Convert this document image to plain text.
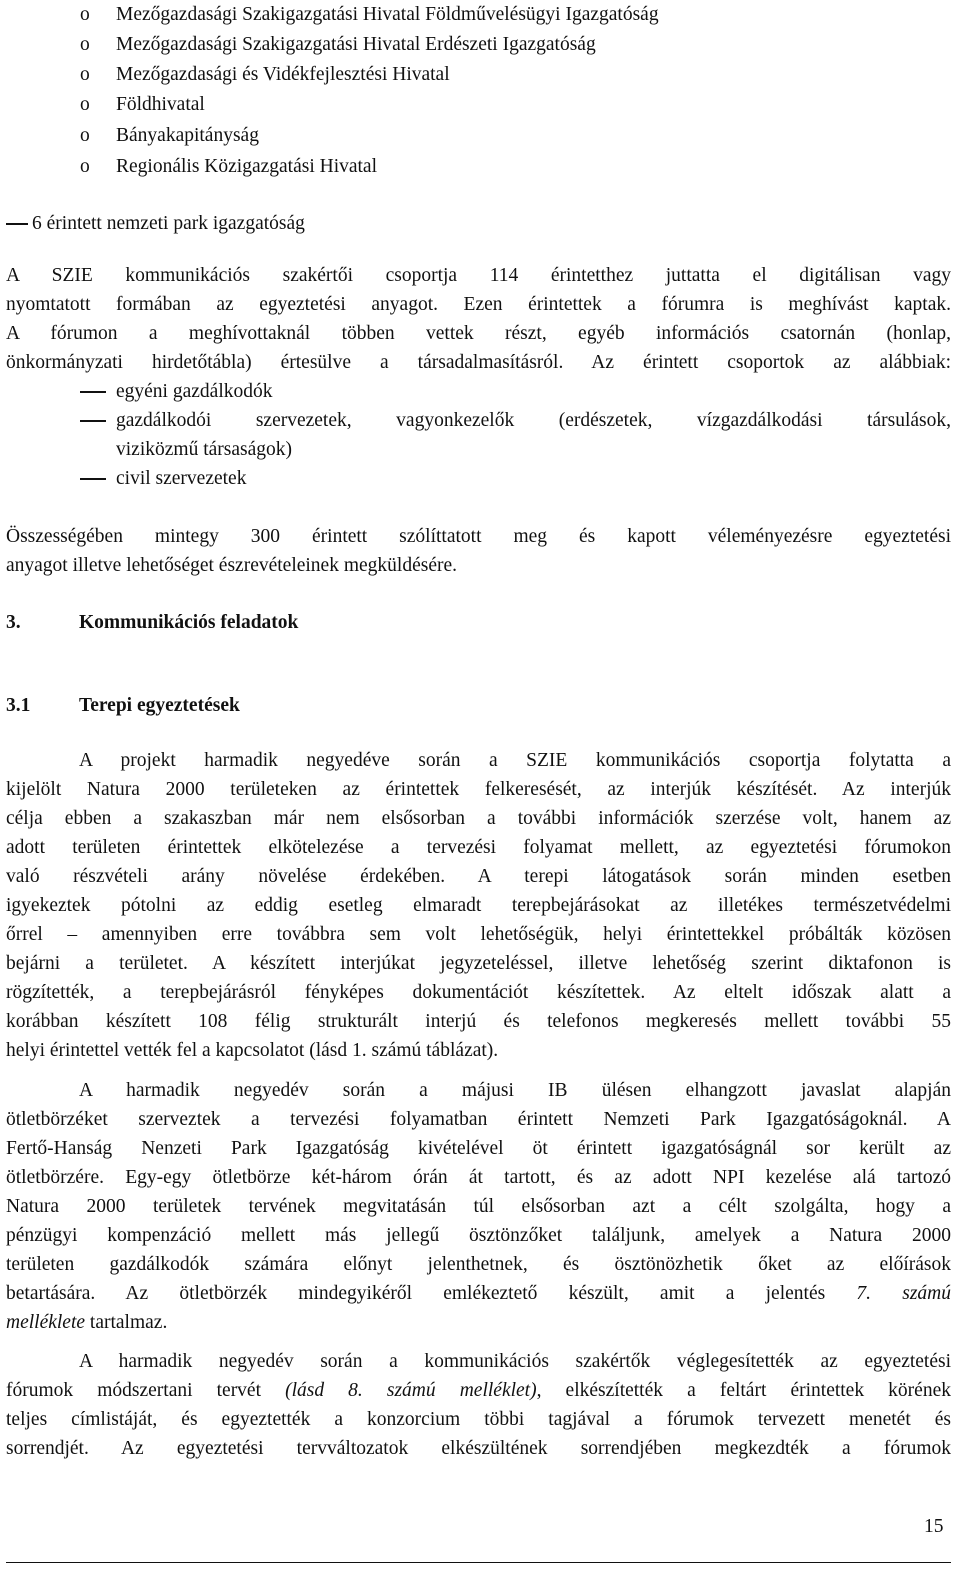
o Mezőgazdasági Szakigazgatási Hivatal Földművelésügyi Igazgatóság
o Mezőgazdasági Szakigazgatási Hivatal Erdészeti Igazgatóság
o Mezőgazdasági és Vidékfejlesztési Hivatal
o Földhivatal
o Bányakapitányság
o Regionális Közigazgatási Hivatal
6 érintett nemzeti park igazgatóság
A SZIE kommunikációs szakértői csoportja 114 érintetthez juttatta el digitálisan vagy
nyomtatott formában az egyeztetési anyagot. Ezen érintettek a fórumra is meghívást kaptak.
A fórumon a meghívottaknál többen vettek részt, egyéb információs csatornán (honlap,
önkormányzati hirdetőtábla) értesülve a társadalmasításról. Az érintett csoportok az alábbiak:
egyéni gazdálkodók
gazdálkodói szervezetek, vagyonkezelők (erdészetek, vízgazdálkodási társulások,
viziközmű társaságok)
civil szervezetek
Összességében mintegy 300 érintett szólíttatott meg és kapott véleményezésre egyeztetési
anyagot illetve lehetőséget észrevételeinek megküldésére.
3.	Kommunikációs feladatok
3.1	Terepi egyeztetések
A projekt harmadik negyedéve során a SZIE kommunikációs csoportja folytatta a
kijelölt Natura 2000 területeken az érintettek felkeresését, az interjúk készítését. Az interjúk
célja ebben a szakaszban már nem elsősorban a további információk szerzése volt, hanem az
adott területen érintettek elkötelezése a tervezési folyamat mellett, az egyeztetési fórumokon
való részvételi arány növelése érdekében. A terepi látogatások során minden esetben
igyekeztek pótolni az eddig esetleg elmaradt terepbejárásokat az illetékes természetvédelmi
őrrel – amennyiben erre továbbra sem volt lehetőségük, helyi érintettekkel próbálták közösen
bejárni a területet. A készített interjúkat jegyzeteléssel, illetve lehetőség szerint diktafonon is
rögzítették, a terepbejárásról fényképes dokumentációt készítettek. Az eltelt időszak alatt a
korábban készített 108 félig strukturált interjú és telefonos megkeresés mellett további 55
helyi érintettel vették fel a kapcsolatot (lásd 1. számú táblázat).
A harmadik negyedév során a májusi IB ülésen elhangzott javaslat alapján
ötletbörzéket szerveztek a tervezési folyamatban érintett Nemzeti Park Igazgatóságoknál. A
Fertő-Hanság Nenzeti Park Igazgatóság kivételével öt érintett igazgatóságnál sor került az
ötletbörzére. Egy-egy ötletbörze két-három órán át tartott, és az adott NPI kezelése alá tartozó
Natura 2000 területek tervének megvitatásán túl elsősorban azt a célt szolgálta, hogy a
pénzügyi kompenzáció mellett más jellegű ösztönzőket találjunk, amelyek a Natura 2000
területen gazdálkodók számára előnyt jelenthetnek, és ösztönözhetik őket az előírások
betartására. Az ötletbörzék mindegyikéről emlékeztető készült, amit a jelentés 7. számú
melléklete tartalmaz.
A harmadik negyedév során a kommunikációs szakértők véglegesítették az egyeztetési
fórumok módszertani tervét (lásd 8. számú melléklet), elkészítették a feltárt érintettek körének
teljes címlistáját, és egyeztették a konzorcium többi tagjával a fórumok tervezett menetét és
sorrendjét. Az egyeztetési tervváltozatok elkészültének sorrendjében megkezdték a fórumok
15
